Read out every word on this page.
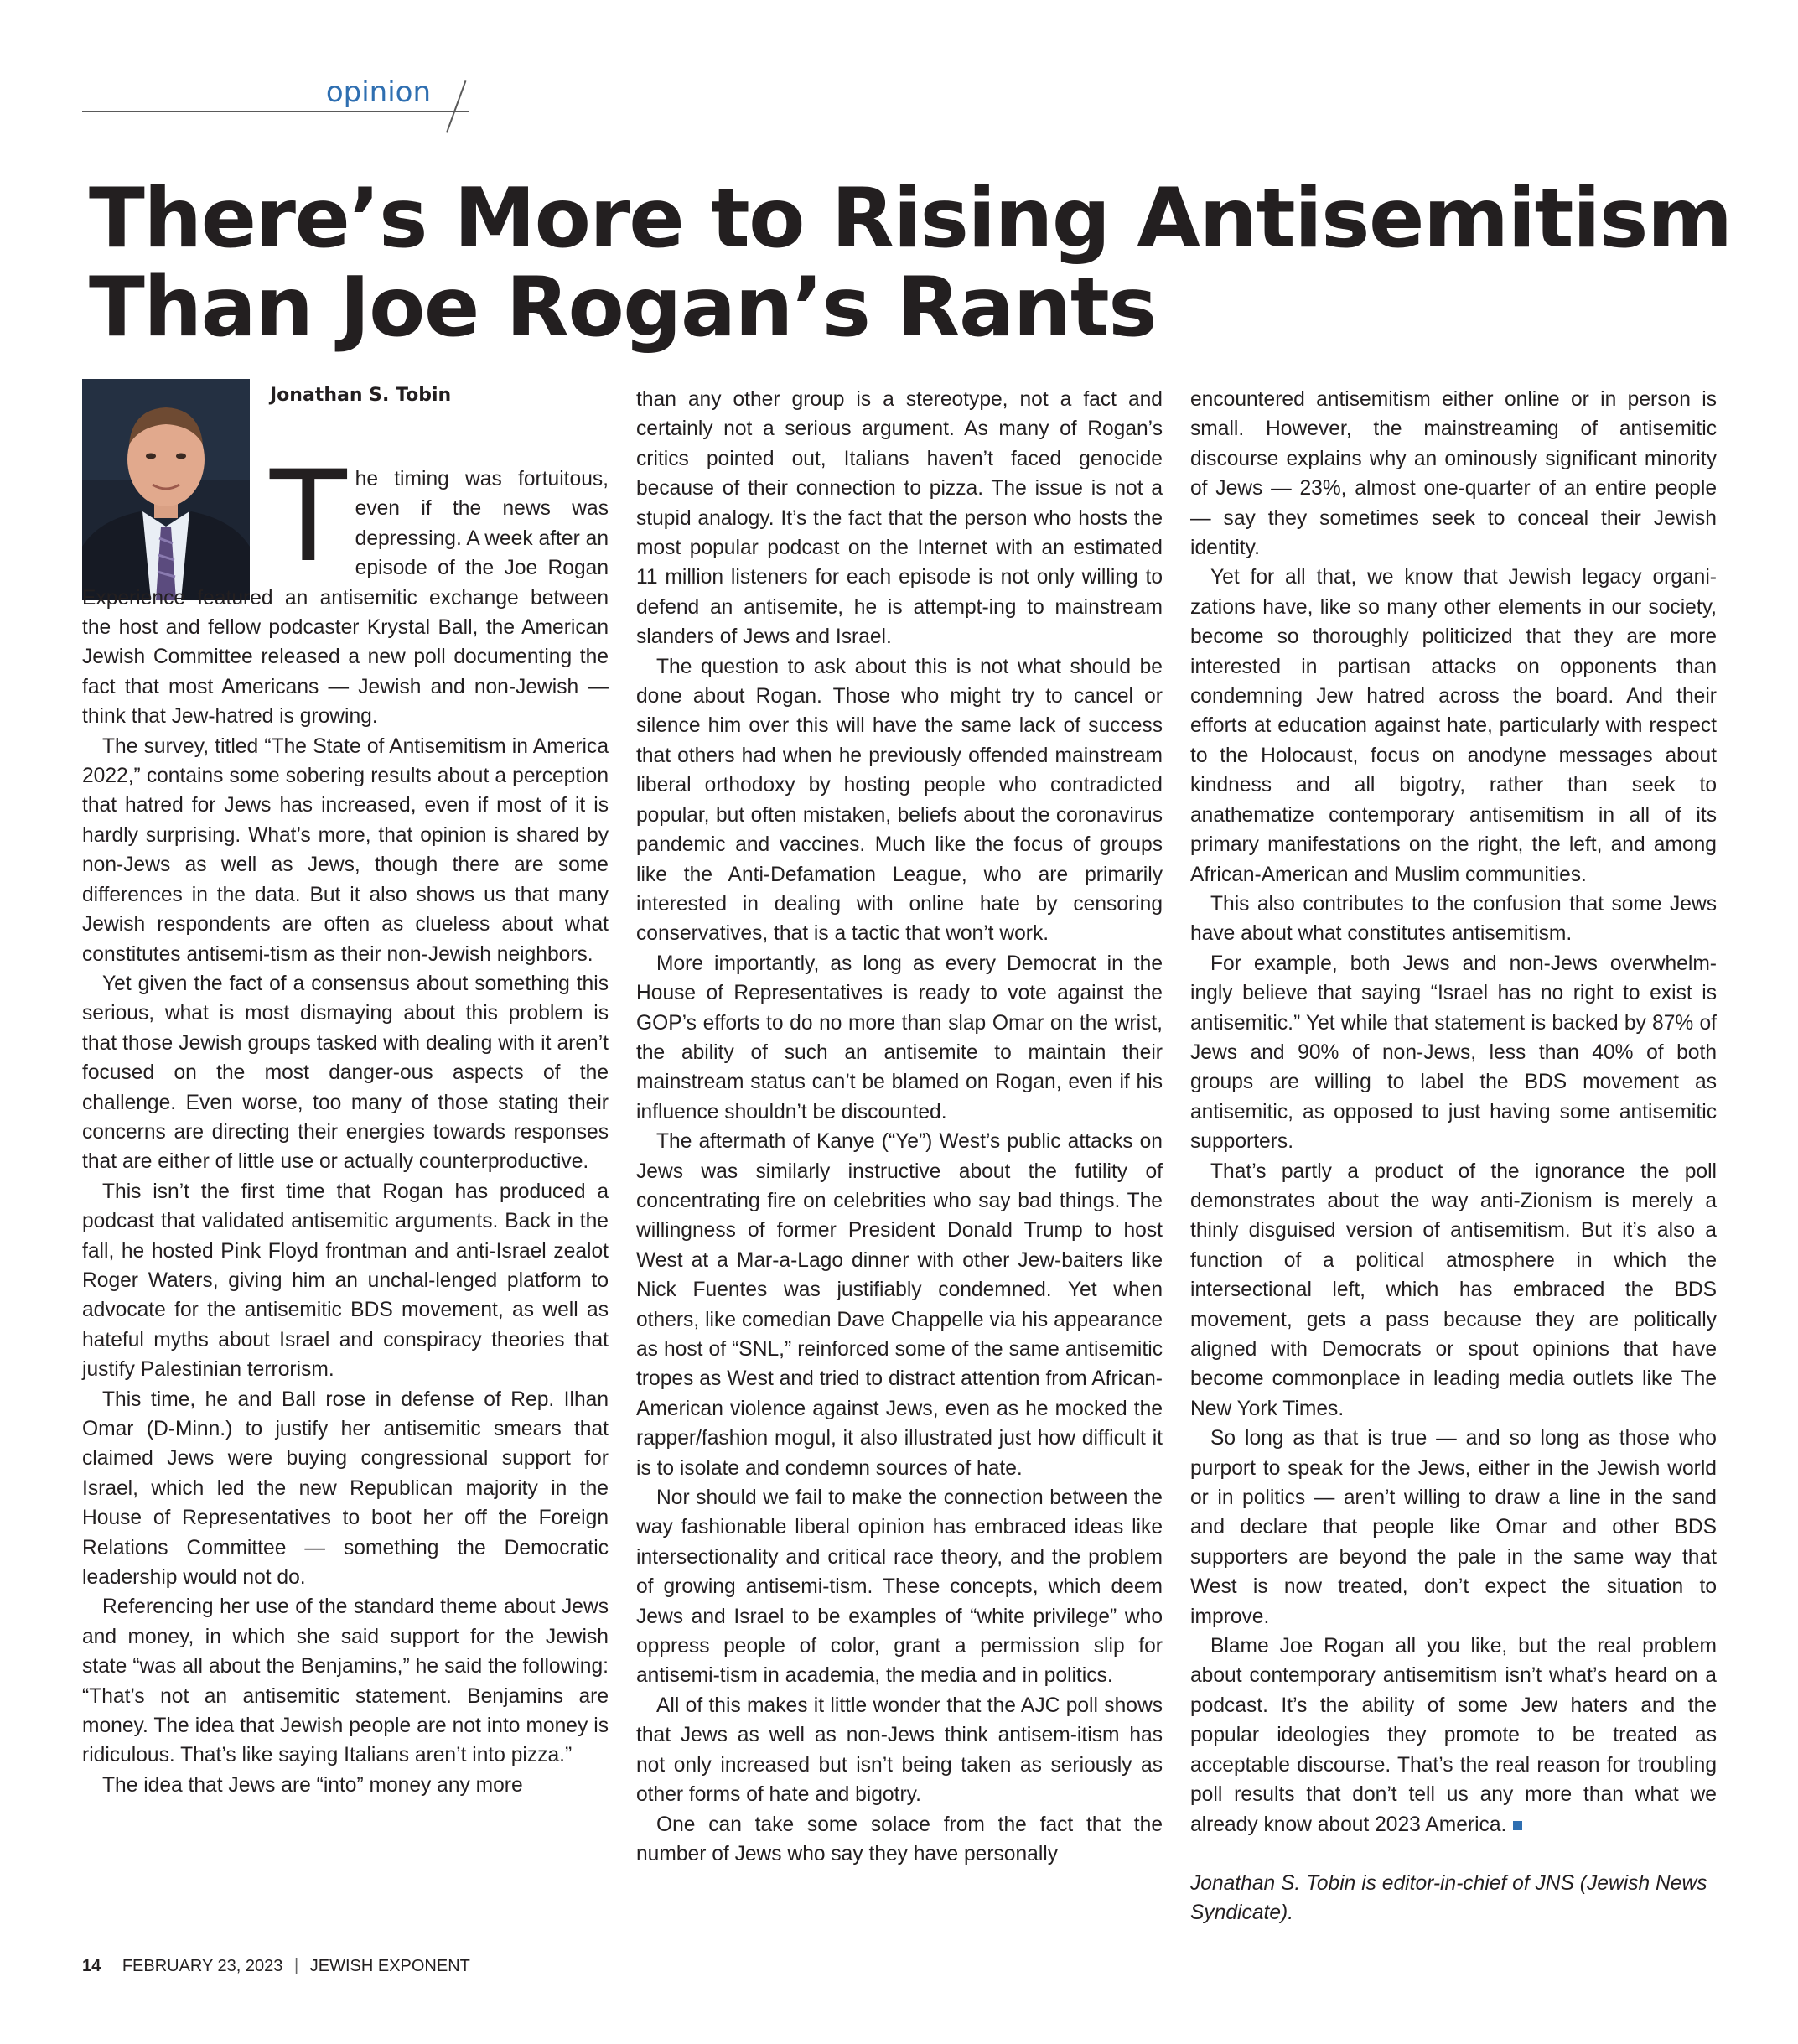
opinion
There’s More to Rising Antisemitism Than Joe Rogan’s Rants

Jonathan S. Tobin

The timing was fortuitous, even if the news was depressing. A week after an episode of the Joe Rogan Experience featured an antisemitic exchange between the host and fellow podcaster Krystal Ball, the American Jewish Committee released a new poll documenting the fact that most Americans — Jewish and non-Jewish — think that Jew-hatred is growing.

The survey, titled “The State of Antisemitism in America 2022,” contains some sobering results about a perception that hatred for Jews has increased, even if most of it is hardly surprising. What’s more, that opinion is shared by non-Jews as well as Jews, though there are some differences in the data. But it also shows us that many Jewish respondents are often as clueless about what constitutes antisemi-tism as their non-Jewish neighbors.

Yet given the fact of a consensus about something this serious, what is most dismaying about this problem is that those Jewish groups tasked with dealing with it aren’t focused on the most danger-ous aspects of the challenge. Even worse, too many of those stating their concerns are directing their energies towards responses that are either of little use or actually counterproductive.

This isn’t the first time that Rogan has produced a podcast that validated antisemitic arguments. Back in the fall, he hosted Pink Floyd frontman and anti-Israel zealot Roger Waters, giving him an unchal-lenged platform to advocate for the antisemitic BDS movement, as well as hateful myths about Israel and conspiracy theories that justify Palestinian terrorism.

This time, he and Ball rose in defense of Rep. Ilhan Omar (D-Minn.) to justify her antisemitic smears that claimed Jews were buying congressional support for Israel, which led the new Republican majority in the House of Representatives to boot her off the Foreign Relations Committee — something the Democratic leadership would not do.

Referencing her use of the standard theme about Jews and money, in which she said support for the Jewish state “was all about the Benjamins,” he said the following: “That’s not an antisemitic statement. Benjamins are money. The idea that Jewish people are not into money is ridiculous. That’s like saying Italians aren’t into pizza.”

The idea that Jews are “into” money any more

than any other group is a stereotype, not a fact and certainly not a serious argument. As many of Rogan’s critics pointed out, Italians haven’t faced genocide because of their connection to pizza. The issue is not a stupid analogy. It’s the fact that the person who hosts the most popular podcast on the Internet with an estimated 11 million listeners for each episode is not only willing to defend an antisemite, he is attempt-ing to mainstream slanders of Jews and Israel.

The question to ask about this is not what should be done about Rogan. Those who might try to cancel or silence him over this will have the same lack of success that others had when he previously offended mainstream liberal orthodoxy by hosting people who contradicted popular, but often mistaken, beliefs about the coronavirus pandemic and vaccines. Much like the focus of groups like the Anti-Defamation League, who are primarily interested in dealing with online hate by censoring conservatives, that is a tactic that won’t work.

More importantly, as long as every Democrat in the House of Representatives is ready to vote against the GOP’s efforts to do no more than slap Omar on the wrist, the ability of such an antisemite to maintain their mainstream status can’t be blamed on Rogan, even if his influence shouldn’t be discounted.

The aftermath of Kanye (“Ye”) West’s public attacks on Jews was similarly instructive about the futility of concentrating fire on celebrities who say bad things. The willingness of former President Donald Trump to host West at a Mar-a-Lago dinner with other Jew-baiters like Nick Fuentes was justifiably condemned. Yet when others, like comedian Dave Chappelle via his appearance as host of “SNL,” reinforced some of the same antisemitic tropes as West and tried to distract attention from African-American violence against Jews, even as he mocked the rapper/fashion mogul, it also illustrated just how difficult it is to isolate and condemn sources of hate.

Nor should we fail to make the connection between the way fashionable liberal opinion has embraced ideas like intersectionality and critical race theory, and the problem of growing antisemi-tism. These concepts, which deem Jews and Israel to be examples of “white privilege” who oppress people of color, grant a permission slip for antisemi-tism in academia, the media and in politics.

All of this makes it little wonder that the AJC poll shows that Jews as well as non-Jews think antisem-itism has not only increased but isn’t being taken as seriously as other forms of hate and bigotry.

One can take some solace from the fact that the number of Jews who say they have personally

encountered antisemitism either online or in person is small. However, the mainstreaming of antisemitic discourse explains why an ominously significant minority of Jews — 23%, almost one-quarter of an entire people — say they sometimes seek to conceal their Jewish identity.

Yet for all that, we know that Jewish legacy organi-zations have, like so many other elements in our society, become so thoroughly politicized that they are more interested in partisan attacks on opponents than condemning Jew hatred across the board. And their efforts at education against hate, particularly with respect to the Holocaust, focus on anodyne messages about kindness and all bigotry, rather than seek to anathematize contemporary antisemitism in all of its primary manifestations on the right, the left, and among African-American and Muslim communities.

This also contributes to the confusion that some Jews have about what constitutes antisemitism.

For example, both Jews and non-Jews overwhelm-ingly believe that saying “Israel has no right to exist is antisemitic.” Yet while that statement is backed by 87% of Jews and 90% of non-Jews, less than 40% of both groups are willing to label the BDS movement as antisemitic, as opposed to just having some antisemitic supporters.

That’s partly a product of the ignorance the poll demonstrates about the way anti-Zionism is merely a thinly disguised version of antisemitism. But it’s also a function of a political atmosphere in which the intersectional left, which has embraced the BDS movement, gets a pass because they are politically aligned with Democrats or spout opinions that have become commonplace in leading media outlets like The New York Times.

So long as that is true — and so long as those who purport to speak for the Jews, either in the Jewish world or in politics — aren’t willing to draw a line in the sand and declare that people like Omar and other BDS supporters are beyond the pale in the same way that West is now treated, don’t expect the situation to improve.

Blame Joe Rogan all you like, but the real problem about contemporary antisemitism isn’t what’s heard on a podcast. It’s the ability of some Jew haters and the popular ideologies they promote to be treated as acceptable discourse. That’s the real reason for troubling poll results that don’t tell us any more than what we already know about 2023 America.

Jonathan S. Tobin is editor-in-chief of JNS (Jewish News Syndicate).

14 FEBRUARY 23, 2023 | JEWISH EXPONENT
